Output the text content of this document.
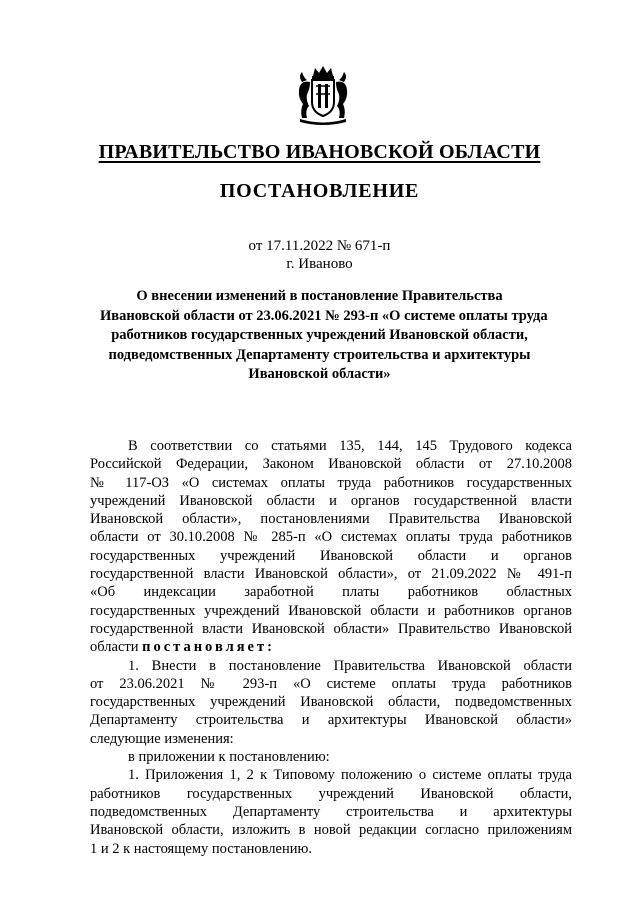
ПРАВИТЕЛЬСТВО ИВАНОВСКОЙ ОБЛАСТИ
ПОСТАНОВЛЕНИЕ
от 17.11.2022 № 671-п
г. Иваново
О внесении изменений в постановление Правительства
Ивановской области от 23.06.2021 № 293-п «О системе оплаты труда
работников государственных учреждений Ивановской области,
подведомственных Департаменту строительства и архитектуры
Ивановской области»
В соответствии со статьями 135, 144, 145 Трудового кодекса
Российской Федерации, Законом Ивановской области от 27.10.2008
№ 117-ОЗ «О системах оплаты труда работников государственных
учреждений Ивановской области и органов государственной власти
Ивановской области», постановлениями Правительства Ивановской
области от 30.10.2008 № 285-п «О системах оплаты труда работников
государственных учреждений Ивановской области и органов
государственной власти Ивановской области», от 21.09.2022 № 491-п
«Об индексации заработной платы работников областных
государственных учреждений Ивановской области и работников органов
государственной власти Ивановской области» Правительство Ивановской
области постановляет:
1. Внести в постановление Правительства Ивановской области
от 23.06.2021 № 293-п «О системе оплаты труда работников
государственных учреждений Ивановской области, подведомственных
Департаменту строительства и архитектуры Ивановской области»
следующие изменения:
в приложении к постановлению:
1. Приложения 1, 2 к Типовому положению о системе оплаты труда
работников государственных учреждений Ивановской области,
подведомственных Департаменту строительства и архитектуры
Ивановской области, изложить в новой редакции согласно приложениям
1 и 2 к настоящему постановлению.
